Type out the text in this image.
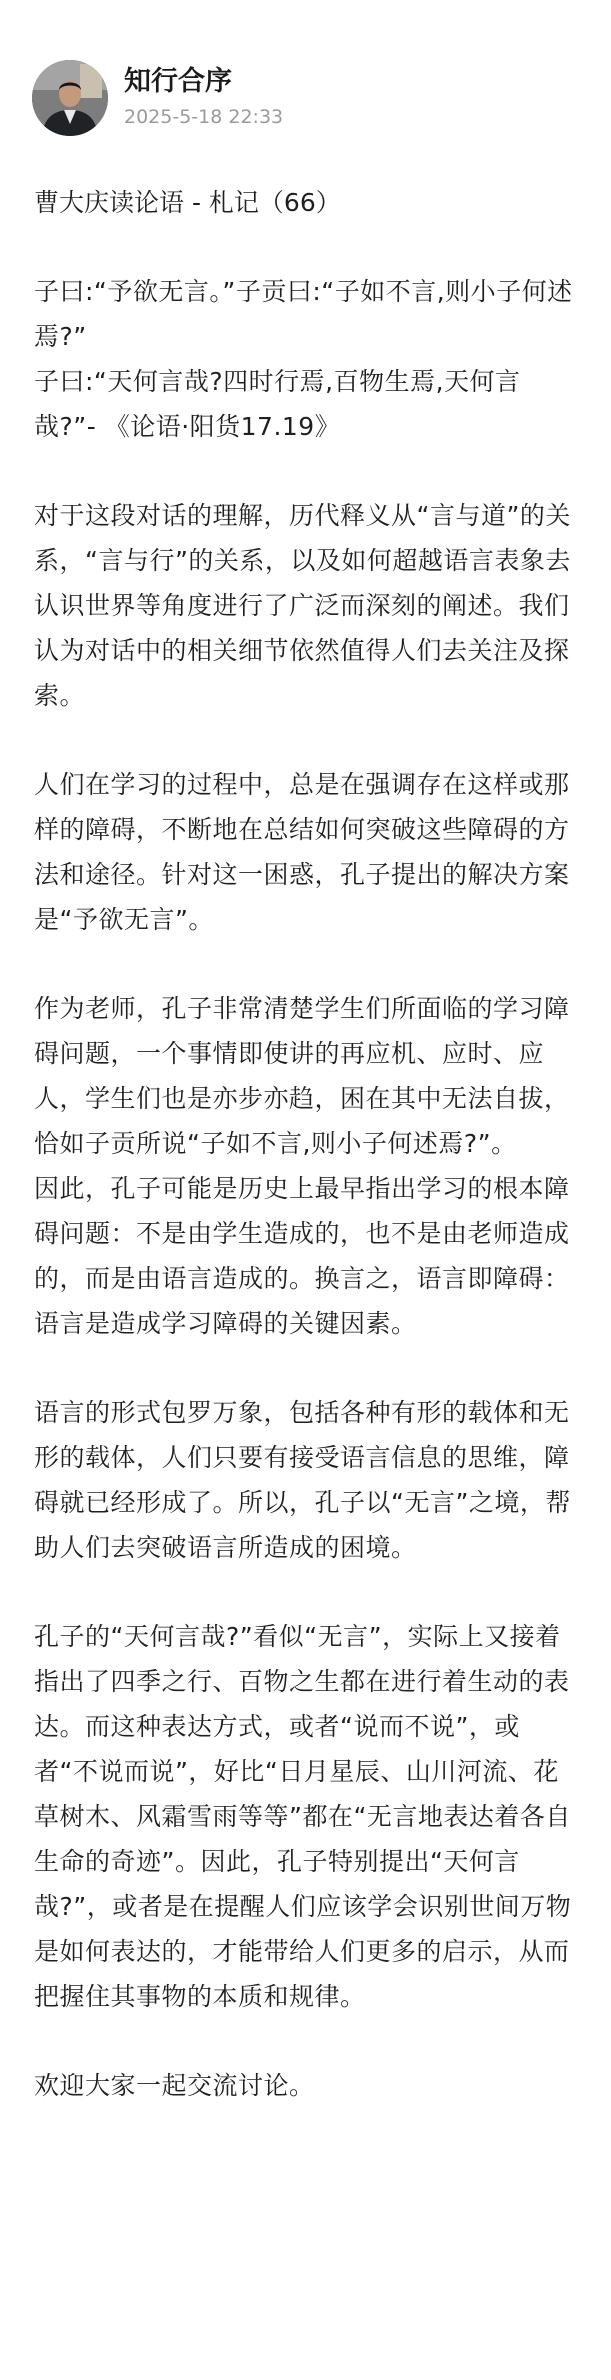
知行合序
2025-5-18 22:33
曹大庆读论语 - 札记（66）
子曰:“予欲无言。”子贡曰:“子如不言,则小子何述焉?”
子曰:“天何言哉?四时行焉,百物生焉,天何言哉?”- 《论语·阳货17.19》
对于这段对话的理解，历代释义从“言与道”的关系，“言与行”的关系，以及如何超越语言表象去认识世界等角度进行了广泛而深刻的阐述。我们认为对话中的相关细节依然值得人们去关注及探索。
人们在学习的过程中，总是在强调存在这样或那样的障碍，不断地在总结如何突破这些障碍的方法和途径。针对这一困惑，孔子提出的解决方案是“予欲无言”。
作为老师，孔子非常清楚学生们所面临的学习障碍问题，一个事情即使讲的再应机、应时、应人，学生们也是亦步亦趋，困在其中无法自拔，恰如子贡所说“子如不言,则小子何述焉?”。
因此，孔子可能是历史上最早指出学习的根本障碍问题：不是由学生造成的，也不是由老师造成的，而是由语言造成的。换言之，语言即障碍：语言是造成学习障碍的关键因素。
语言的形式包罗万象，包括各种有形的载体和无形的载体，人们只要有接受语言信息的思维，障碍就已经形成了。所以，孔子以“无言”之境，帮助人们去突破语言所造成的困境。
孔子的“天何言哉?”看似“无言”，实际上又接着指出了四季之行、百物之生都在进行着生动的表达。而这种表达方式，或者“说而不说”，或者“不说而说”，好比“日月星辰、山川河流、花草树木、风霜雪雨等等”都在“无言地表达着各自生命的奇迹”。因此，孔子特别提出“天何言哉?”，或者是在提醒人们应该学会识别世间万物是如何表达的，才能带给人们更多的启示，从而把握住其事物的本质和规律。
欢迎大家一起交流讨论。
